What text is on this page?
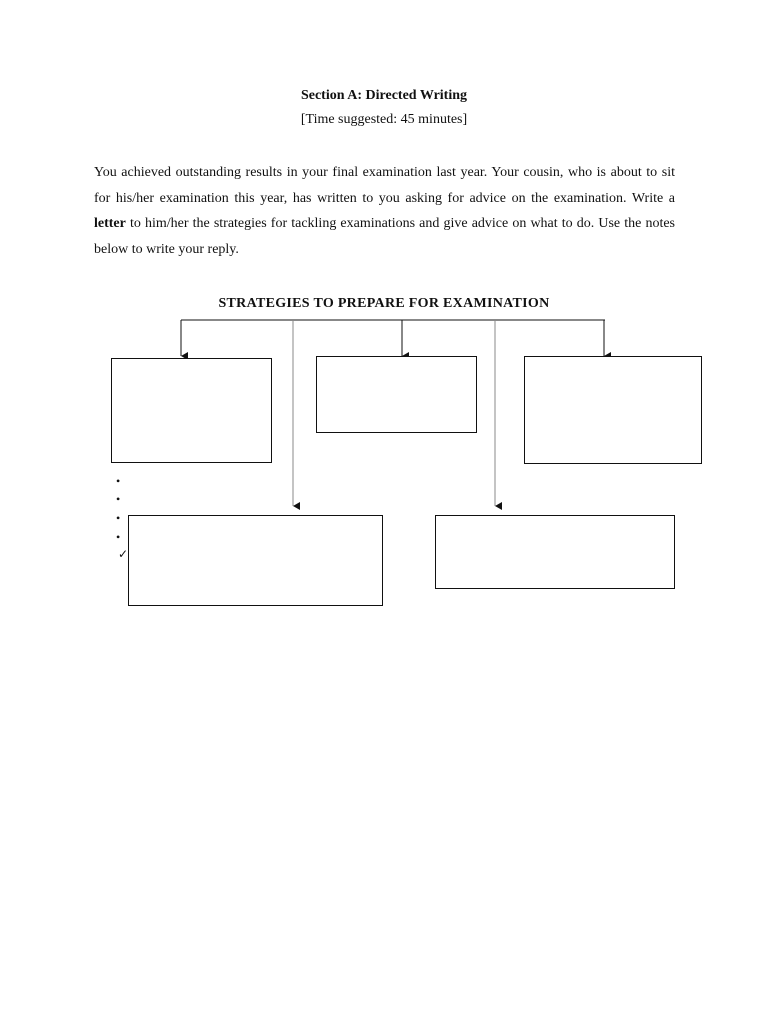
Section A: Directed Writing
[Time suggested: 45 minutes]

You achieved outstanding results in your final examination last year. Your cousin, who is about to sit for his/her examination this year, has written to you asking for advice on the examination. Write a letter to him/her the strategies for tackling examinations and give advice on what to do. Use the notes below to write your reply.

STRATEGIES TO PREPARE FOR EXAMINATION
•
•
•
•
✓
